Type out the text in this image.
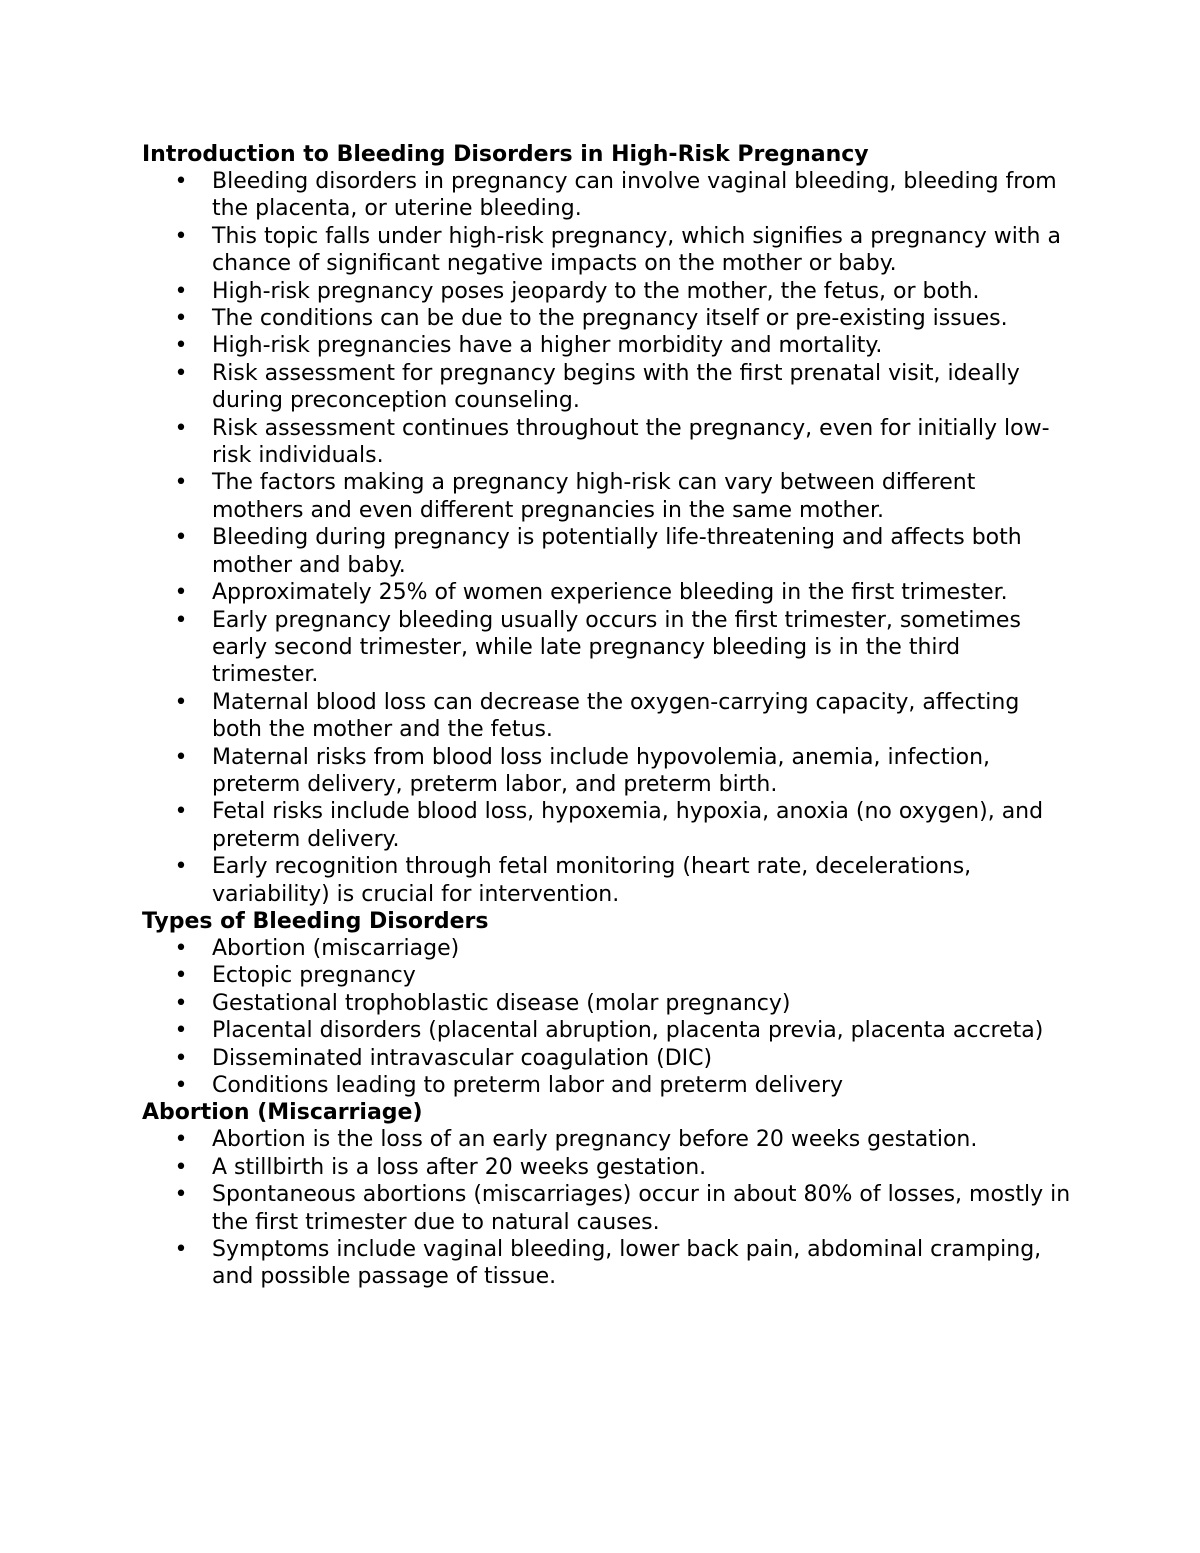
Introduction to Bleeding Disorders in High-Risk Pregnancy
• Bleeding disorders in pregnancy can involve vaginal bleeding, bleeding from the placenta, or uterine bleeding.
• This topic falls under high-risk pregnancy, which signifies a pregnancy with a chance of significant negative impacts on the mother or baby.
• High-risk pregnancy poses jeopardy to the mother, the fetus, or both.
• The conditions can be due to the pregnancy itself or pre-existing issues.
• High-risk pregnancies have a higher morbidity and mortality.
• Risk assessment for pregnancy begins with the first prenatal visit, ideally during preconception counseling.
• Risk assessment continues throughout the pregnancy, even for initially low-risk individuals.
• The factors making a pregnancy high-risk can vary between different mothers and even different pregnancies in the same mother.
• Bleeding during pregnancy is potentially life-threatening and affects both mother and baby.
• Approximately 25% of women experience bleeding in the first trimester.
• Early pregnancy bleeding usually occurs in the first trimester, sometimes early second trimester, while late pregnancy bleeding is in the third trimester.
• Maternal blood loss can decrease the oxygen-carrying capacity, affecting both the mother and the fetus.
• Maternal risks from blood loss include hypovolemia, anemia, infection, preterm delivery, preterm labor, and preterm birth.
• Fetal risks include blood loss, hypoxemia, hypoxia, anoxia (no oxygen), and preterm delivery.
• Early recognition through fetal monitoring (heart rate, decelerations, variability) is crucial for intervention.
Types of Bleeding Disorders
• Abortion (miscarriage)
• Ectopic pregnancy
• Gestational trophoblastic disease (molar pregnancy)
• Placental disorders (placental abruption, placenta previa, placenta accreta)
• Disseminated intravascular coagulation (DIC)
• Conditions leading to preterm labor and preterm delivery
Abortion (Miscarriage)
• Abortion is the loss of an early pregnancy before 20 weeks gestation.
• A stillbirth is a loss after 20 weeks gestation.
• Spontaneous abortions (miscarriages) occur in about 80% of losses, mostly in the first trimester due to natural causes.
• Symptoms include vaginal bleeding, lower back pain, abdominal cramping, and possible passage of tissue.
